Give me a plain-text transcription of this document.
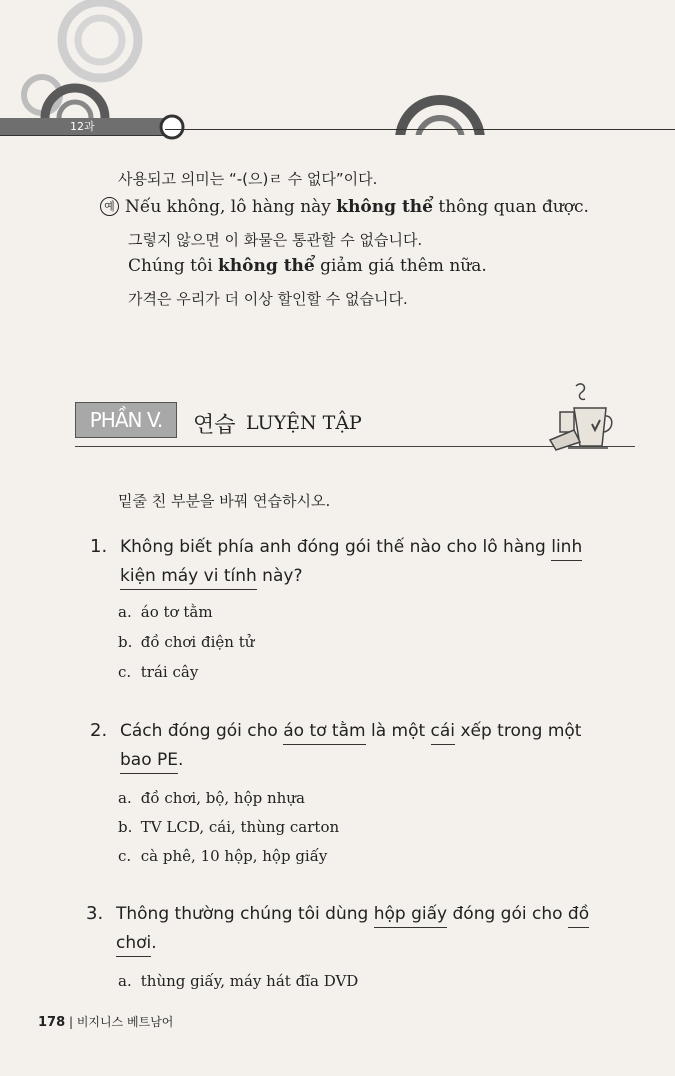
12과
사용되고 의미는 “-(으)ㄹ 수 없다”이다.
예 Nếu không, lô hàng này không thể thông quan được.
그렇지 않으면 이 화물은 통관할 수 없습니다.
Chúng tôi không thể giảm giá thêm nữa.
가격은 우리가 더 이상 할인할 수 없습니다.
PHẦN V.	연습 LUYỆN TẬP
밑줄 친 부분을 바꿔 연습하시오.
1. Không biết phía anh đóng gói thế nào cho lô hàng linh
kiện máy vi tính này?
a. áo tơ tằm
b. đồ chơi điện tử
c. trái cây
2. Cách đóng gói cho áo tơ tằm là một cái xếp trong một
bao PE.
a. đồ chơi, bộ, hộp nhựa
b. TV LCD, cái, thùng carton
c. cà phê, 10 hộp, hộp giấy
3. Thông thường chúng tôi dùng hộp giấy đóng gói cho đồ
chơi.
a. thùng giấy, máy hát đĩa DVD
178 | 비지니스 베트남어
